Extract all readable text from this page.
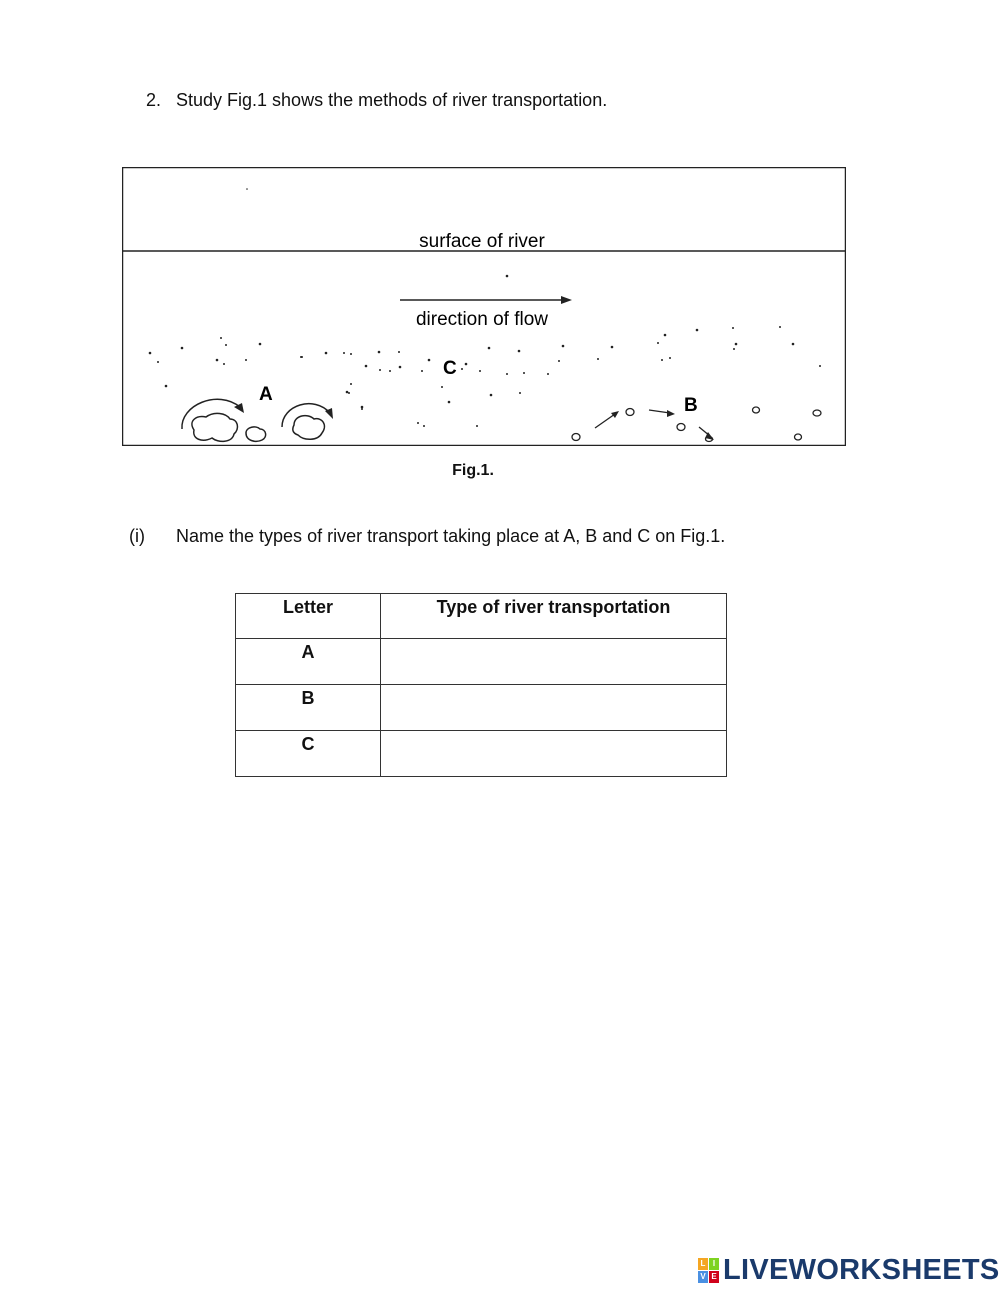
2. Study Fig.1 shows the methods of river transportation.
surface of river
direction of flow
A
B
C
Fig.1.
(i) Name the types of river transport taking place at A, B and C on Fig.1.
Letter	Type of river transportation
A	
B	
C	
L I
V E LIVEWORKSHEETS
